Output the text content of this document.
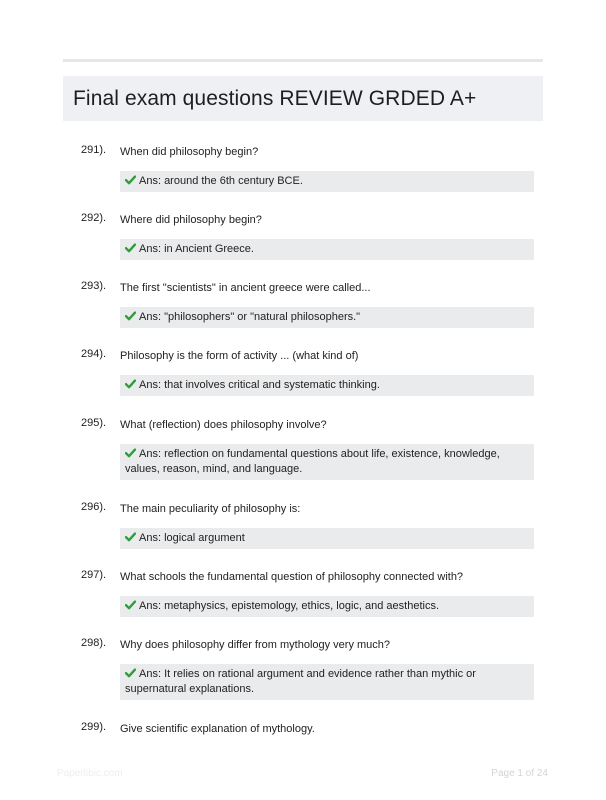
Final exam questions REVIEW GRDED A+
291). When did philosophy begin?
Ans: around the 6th century BCE.
292). Where did philosophy begin?
Ans: in Ancient Greece.
293). The first "scientists" in ancient greece were called...
Ans: "philosophers" or "natural philosophers."
294). Philosophy is the form of activity ... (what kind of)
Ans: that involves critical and systematic thinking.
295). What (reflection) does philosophy involve?
Ans: reflection on fundamental questions about life, existence, knowledge, values, reason, mind, and language.
296). The main peculiarity of philosophy is:
Ans: logical argument
297). What schools the fundamental question of philosophy connected with?
Ans: metaphysics, epistemology, ethics, logic, and aesthetics.
298). Why does philosophy differ from mythology very much?
Ans: It relies on rational argument and evidence rather than mythic or supernatural explanations.
299). Give scientific explanation of mythology.
Paperlibic.com	Page 1 of 24
